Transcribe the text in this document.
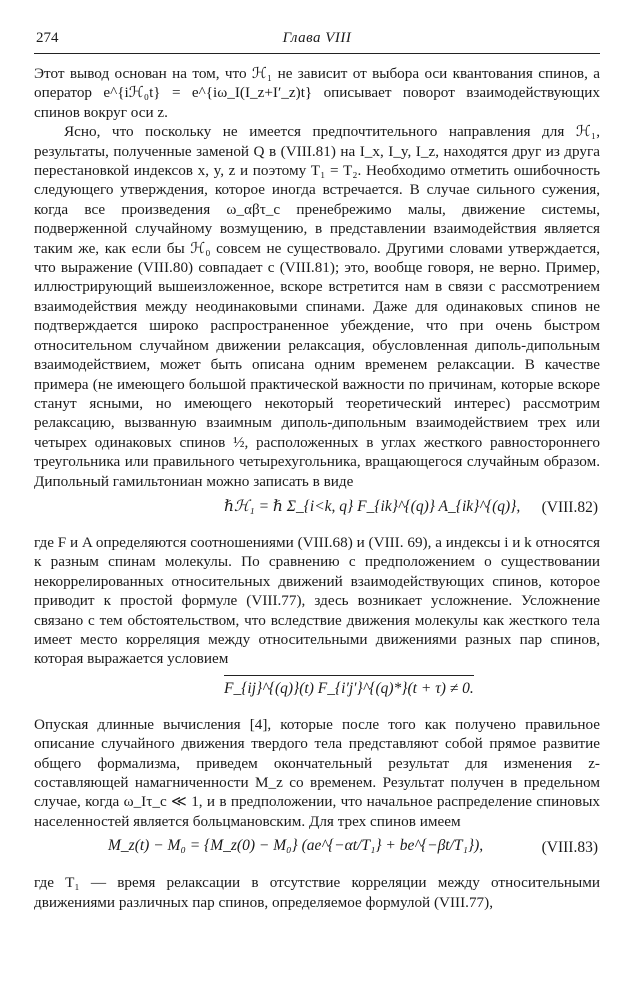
274	Глава VIII

Этот вывод основан на том, что ℋ₁ не зависит от выбора оси квантования спинов, а оператор e^{iℋ₀t} = e^{iω_I(I_z+I′_z)t} описывает поворот взаимодействующих спинов вокруг оси z.

Ясно, что поскольку не имеется предпочтительного направления для ℋ₁, результаты, полученные заменой Q в (VIII.81) на I_x, I_y, I_z, находятся друг из друга перестановкой индексов x, y, z и поэтому T₁ = T₂. Необходимо отметить ошибочность следующего утверждения, которое иногда встречается. В случае сильного сужения, когда все произведения ω_αβτ_c пренебрежимо малы, движение системы, подверженной случайному возмущению, в представлении взаимодействия является таким же, как если бы ℋ₀ совсем не существовало. Другими словами утверждается, что выражение (VIII.80) совпадает с (VIII.81); это, вообще говоря, не верно. Пример, иллюстрирующий вышеизложенное, вскоре встретится нам в связи с рассмотрением взаимодействия между неодинаковыми спинами. Даже для одинаковых спинов не подтверждается широко распространенное убеждение, что при очень быстром относительном случайном движении релаксация, обусловленная диполь-дипольным взаимодействием, может быть описана одним временем релаксации. В качестве примера (не имеющего большой практической важности по причинам, которые вскоре станут ясными, но имеющего некоторый теоретический интерес) рассмотрим релаксацию, вызванную взаимным диполь-дипольным взаимодействием трех или четырех одинаковых спинов ½, расположенных в углах жесткого равностороннего треугольника или правильного четырехугольника, вращающегося случайным образом. Дипольный гамильтониан можно записать в виде

ℏℋ₁ = ℏ Σ_{i<k, q} F_{ik}^{(q)} A_{ik}^{(q)}, (VIII.82)

где F и A определяются соотношениями (VIII.68) и (VIII. 69), а индексы i и k относятся к разным спинам молекулы. По сравнению с предположением о существовании некоррелированных относительных движений взаимодействующих спинов, которое приводит к простой формуле (VIII.77), здесь возникает усложнение. Усложнение связано с тем обстоятельством, что вследствие движения молекулы как жесткого тела имеет место корреляция между относительными движениями разных пар спинов, которая выражается условием

F_{ij}^{(q)}(t) F_{i′j′}^{(q)*}(t + τ) ≠ 0.

Опуская длинные вычисления [4], которые после того как получено правильное описание случайного движения твердого тела представляют собой прямое развитие общего формализма, приведем окончательный результат для изменения z-составляющей намагниченности M_z со временем. Результат получен в предельном случае, когда ω_Iτ_c ≪ 1, и в предположении, что начальное распределение спиновых населенностей является больцмановским. Для трех спинов имеем

M_z(t) − M₀ = {M_z(0) − M₀} (ae^{−αt/T₁} + be^{−βt/T₁}),	(VIII.83)

где T₁ — время релаксации в отсутствие корреляции между относительными движениями различных пар спинов, определяемое формулой (VIII.77),
